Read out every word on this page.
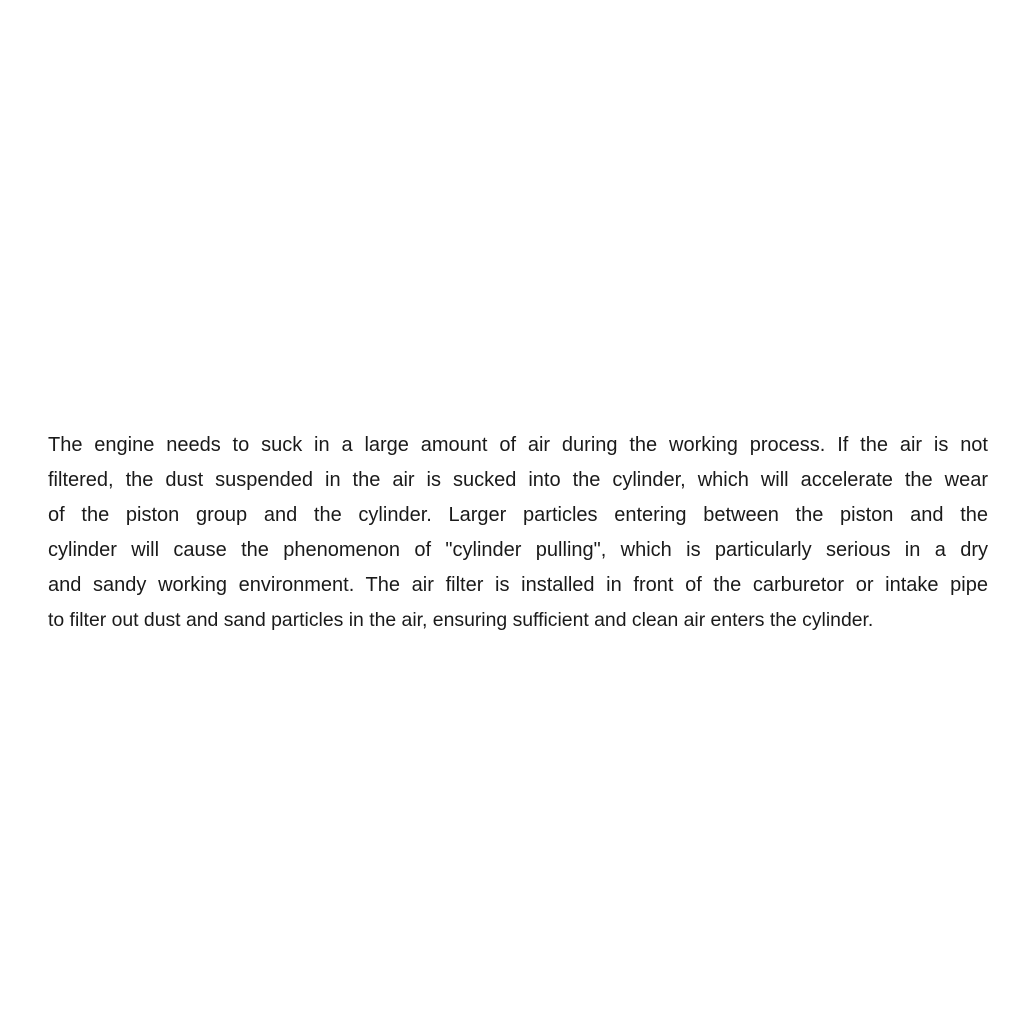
The engine needs to suck in a large amount of air during the working process. If the air is not
filtered, the dust suspended in the air is sucked into the cylinder, which will accelerate the wear
of the piston group and the cylinder. Larger particles entering between the piston and the
cylinder will cause the phenomenon of "cylinder pulling", which is particularly serious in a dry
and sandy working environment. The air filter is installed in front of the carburetor or intake pipe
to filter out dust and sand particles in the air, ensuring sufficient and clean air enters the cylinder.
